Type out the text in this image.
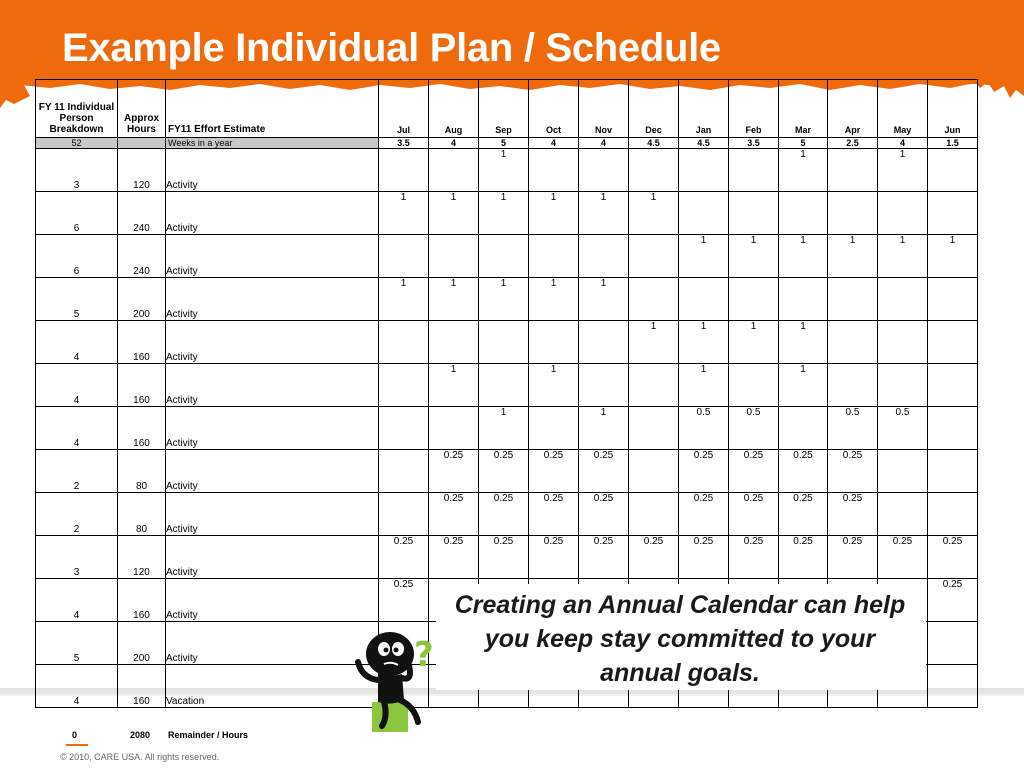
Example Individual Plan / Schedule
FY 11 Individual Person Breakdown	Approx Hours	FY11 Effort Estimate	Jul	Aug	Sep	Oct	Nov	Dec	Jan	Feb	Mar	Apr	May	Jun
52		Weeks in a year	3.5	4	5	4	4	4.5	4.5	3.5	5	2.5	4	1.5
3	120	Activity			1						1		1	
6	240	Activity	1	1	1	1	1	1						
6	240	Activity							1	1	1	1	1	1
5	200	Activity	1	1	1	1	1							
4	160	Activity						1	1	1	1			
4	160	Activity		1		1			1		1			
4	160	Activity			1		1		0.5	0.5		0.5	0.5	
2	80	Activity		0.25	0.25	0.25	0.25		0.25	0.25	0.25	0.25		
2	80	Activity		0.25	0.25	0.25	0.25		0.25	0.25	0.25	0.25		
3	120	Activity	0.25	0.25	0.25	0.25	0.25	0.25	0.25	0.25	0.25	0.25	0.25	0.25
4	160	Activity	0.25											0.25
5	200	Activity												
4	160	Vacation												
0	2080 Remainder / Hours

Creating an Annual Calendar can help you keep stay committed to your annual goals.

?
© 2010, CARE USA. All rights reserved.
